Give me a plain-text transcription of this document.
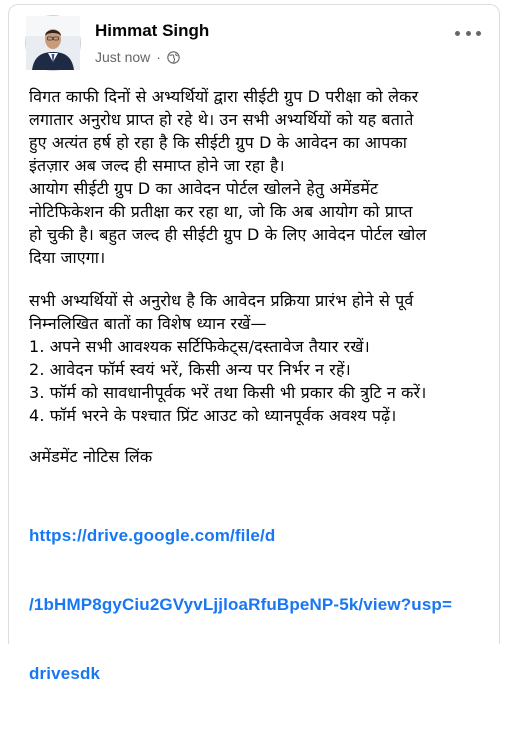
Himmat Singh
Just now ·

विगत काफी दिनों से अभ्यर्थियों द्वारा सीईटी ग्रुप D परीक्षा को लेकर
लगातार अनुरोध प्राप्त हो रहे थे। उन सभी अभ्यर्थियों को यह बताते
हुए अत्यंत हर्ष हो रहा है कि सीईटी ग्रुप D के आवेदन का आपका
इंतज़ार अब जल्द ही समाप्त होने जा रहा है।
आयोग सीईटी ग्रुप D का आवेदन पोर्टल खोलने हेतु अमेंडमेंट
नोटिफिकेशन की प्रतीक्षा कर रहा था, जो कि अब आयोग को प्राप्त
हो चुकी है। बहुत जल्द ही सीईटी ग्रुप D के लिए आवेदन पोर्टल खोल
दिया जाएगा।

सभी अभ्यर्थियों से अनुरोध है कि आवेदन प्रक्रिया प्रारंभ होने से पूर्व
निम्नलिखित बातों का विशेष ध्यान रखें—
1. अपने सभी आवश्यक सर्टिफिकेट्स/दस्तावेज तैयार रखें।
2. आवेदन फॉर्म स्वयं भरें, किसी अन्य पर निर्भर न रहें।
3. फॉर्म को सावधानीपूर्वक भरें तथा किसी भी प्रकार की त्रुटि न करें।
4. फॉर्म भरने के पश्चात प्रिंट आउट को ध्यानपूर्वक अवश्य पढ़ें।

अमेंडमेंट नोटिस लिंक

https://drive.google.com/file/d

/1bHMP8gyCiu2GVyvLjjloaRfuBpeNP-5k/view?usp=

drivesdk
